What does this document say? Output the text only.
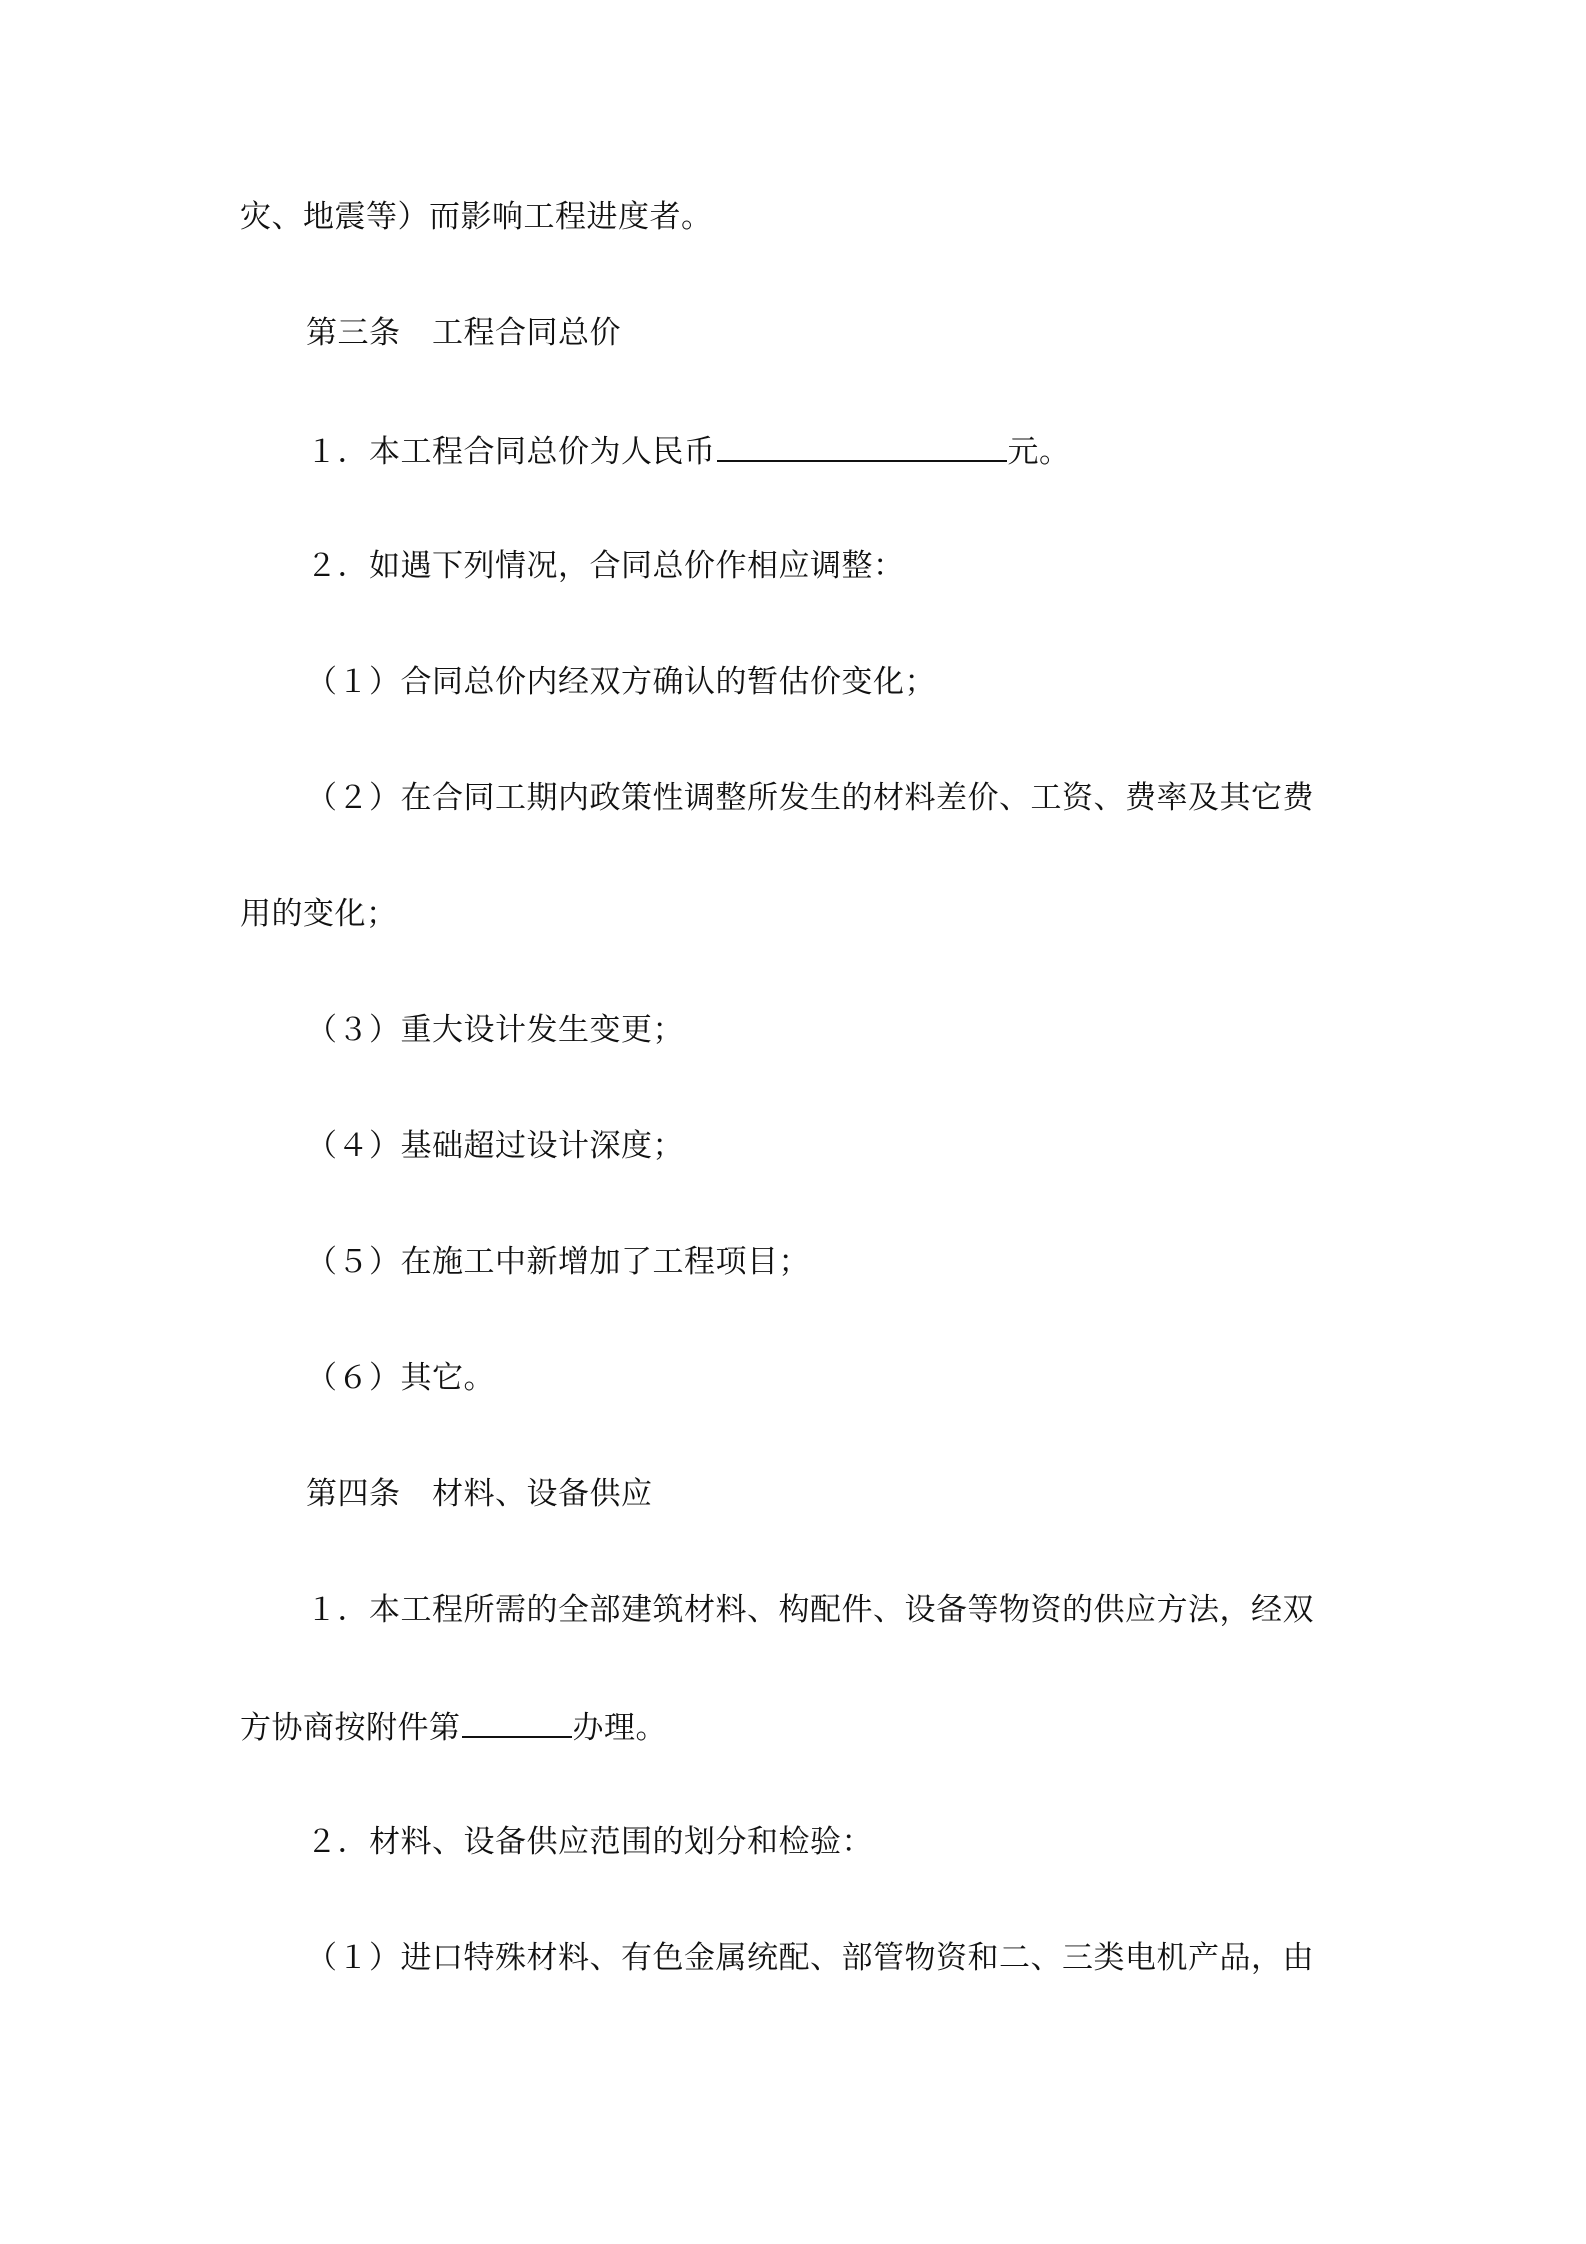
灾、地震等）而影响工程进度者。
第三条　工程合同总价
１．本工程合同总价为人民币	元。
２．如遇下列情况，合同总价作相应调整：
（１）合同总价内经双方确认的暂估价变化；
（２）在合同工期内政策性调整所发生的材料差价、工资、费率及其它费
用的变化；
（３）重大设计发生变更；
（４）基础超过设计深度；
（５）在施工中新增加了工程项目；
（６）其它。
第四条　材料、设备供应
１．本工程所需的全部建筑材料、构配件、设备等物资的供应方法，经双
方协商按附件第	办理。
２．材料、设备供应范围的划分和检验：
（１）进口特殊材料、有色金属统配、部管物资和二、三类电机产品，由
